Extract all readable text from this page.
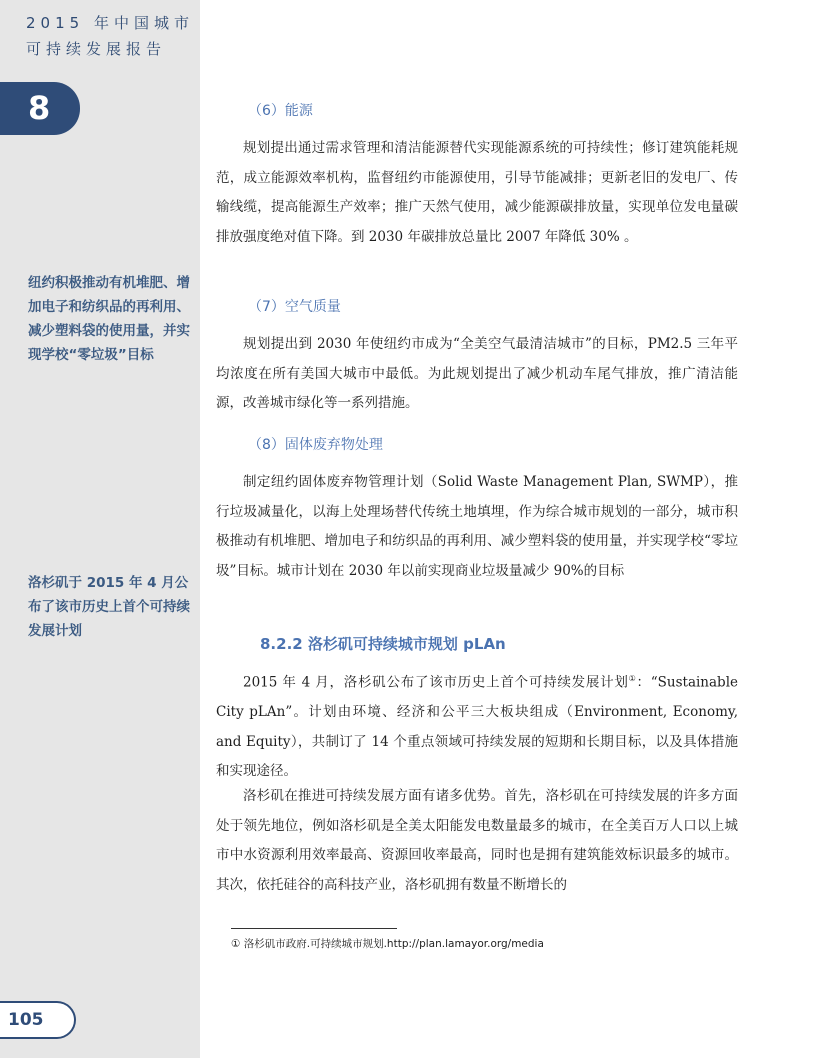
2015 年中国城市
可持续发展报告
8
纽约积极推动有机堆肥、增加电子和纺织品的再利用、减少塑料袋的使用量，并实现学校“零垃圾”目标
洛杉矶于 2015 年 4 月公布了该市历史上首个可持续发展计划
105
（6）能源

规划提出通过需求管理和清洁能源替代实现能源系统的可持续性；修订建筑能耗规范，成立能源效率机构，监督纽约市能源使用，引导节能减排；更新老旧的发电厂、传输线缆，提高能源生产效率；推广天然气使用，减少能源碳排放量，实现单位发电量碳排放强度绝对值下降。到 2030 年碳排放总量比 2007 年降低 30% 。

（7）空气质量

规划提出到 2030 年使纽约市成为“全美空气最清洁城市”的目标，PM2.5 三年平均浓度在所有美国大城市中最低。为此规划提出了减少机动车尾气排放，推广清洁能源，改善城市绿化等一系列措施。

（8）固体废弃物处理

制定纽约固体废弃物管理计划（Solid Waste Management Plan, SWMP），推行垃圾减量化，以海上处理场替代传统土地填埋，作为综合城市规划的一部分，城市积极推动有机堆肥、增加电子和纺织品的再利用、减少塑料袋的使用量，并实现学校“零垃圾”目标。城市计划在 2030 年以前实现商业垃圾量减少 90%的目标

8.2.2 洛杉矶可持续城市规划 pLAn

2015 年 4 月，洛杉矶公布了该市历史上首个可持续发展计划①：“Sustainable City pLAn”。计划由环境、经济和公平三大板块组成（Environment, Economy, and Equity），共制订了 14 个重点领域可持续发展的短期和长期目标，以及具体措施和实现途径。

洛杉矶在推进可持续发展方面有诸多优势。首先，洛杉矶在可持续发展的许多方面处于领先地位，例如洛杉矶是全美太阳能发电数量最多的城市，在全美百万人口以上城市中水资源利用效率最高、资源回收率最高，同时也是拥有建筑能效标识最多的城市。其次，依托硅谷的高科技产业，洛杉矶拥有数量不断增长的

① 洛杉矶市政府.可持续城市规划.http://plan.lamayor.org/media
